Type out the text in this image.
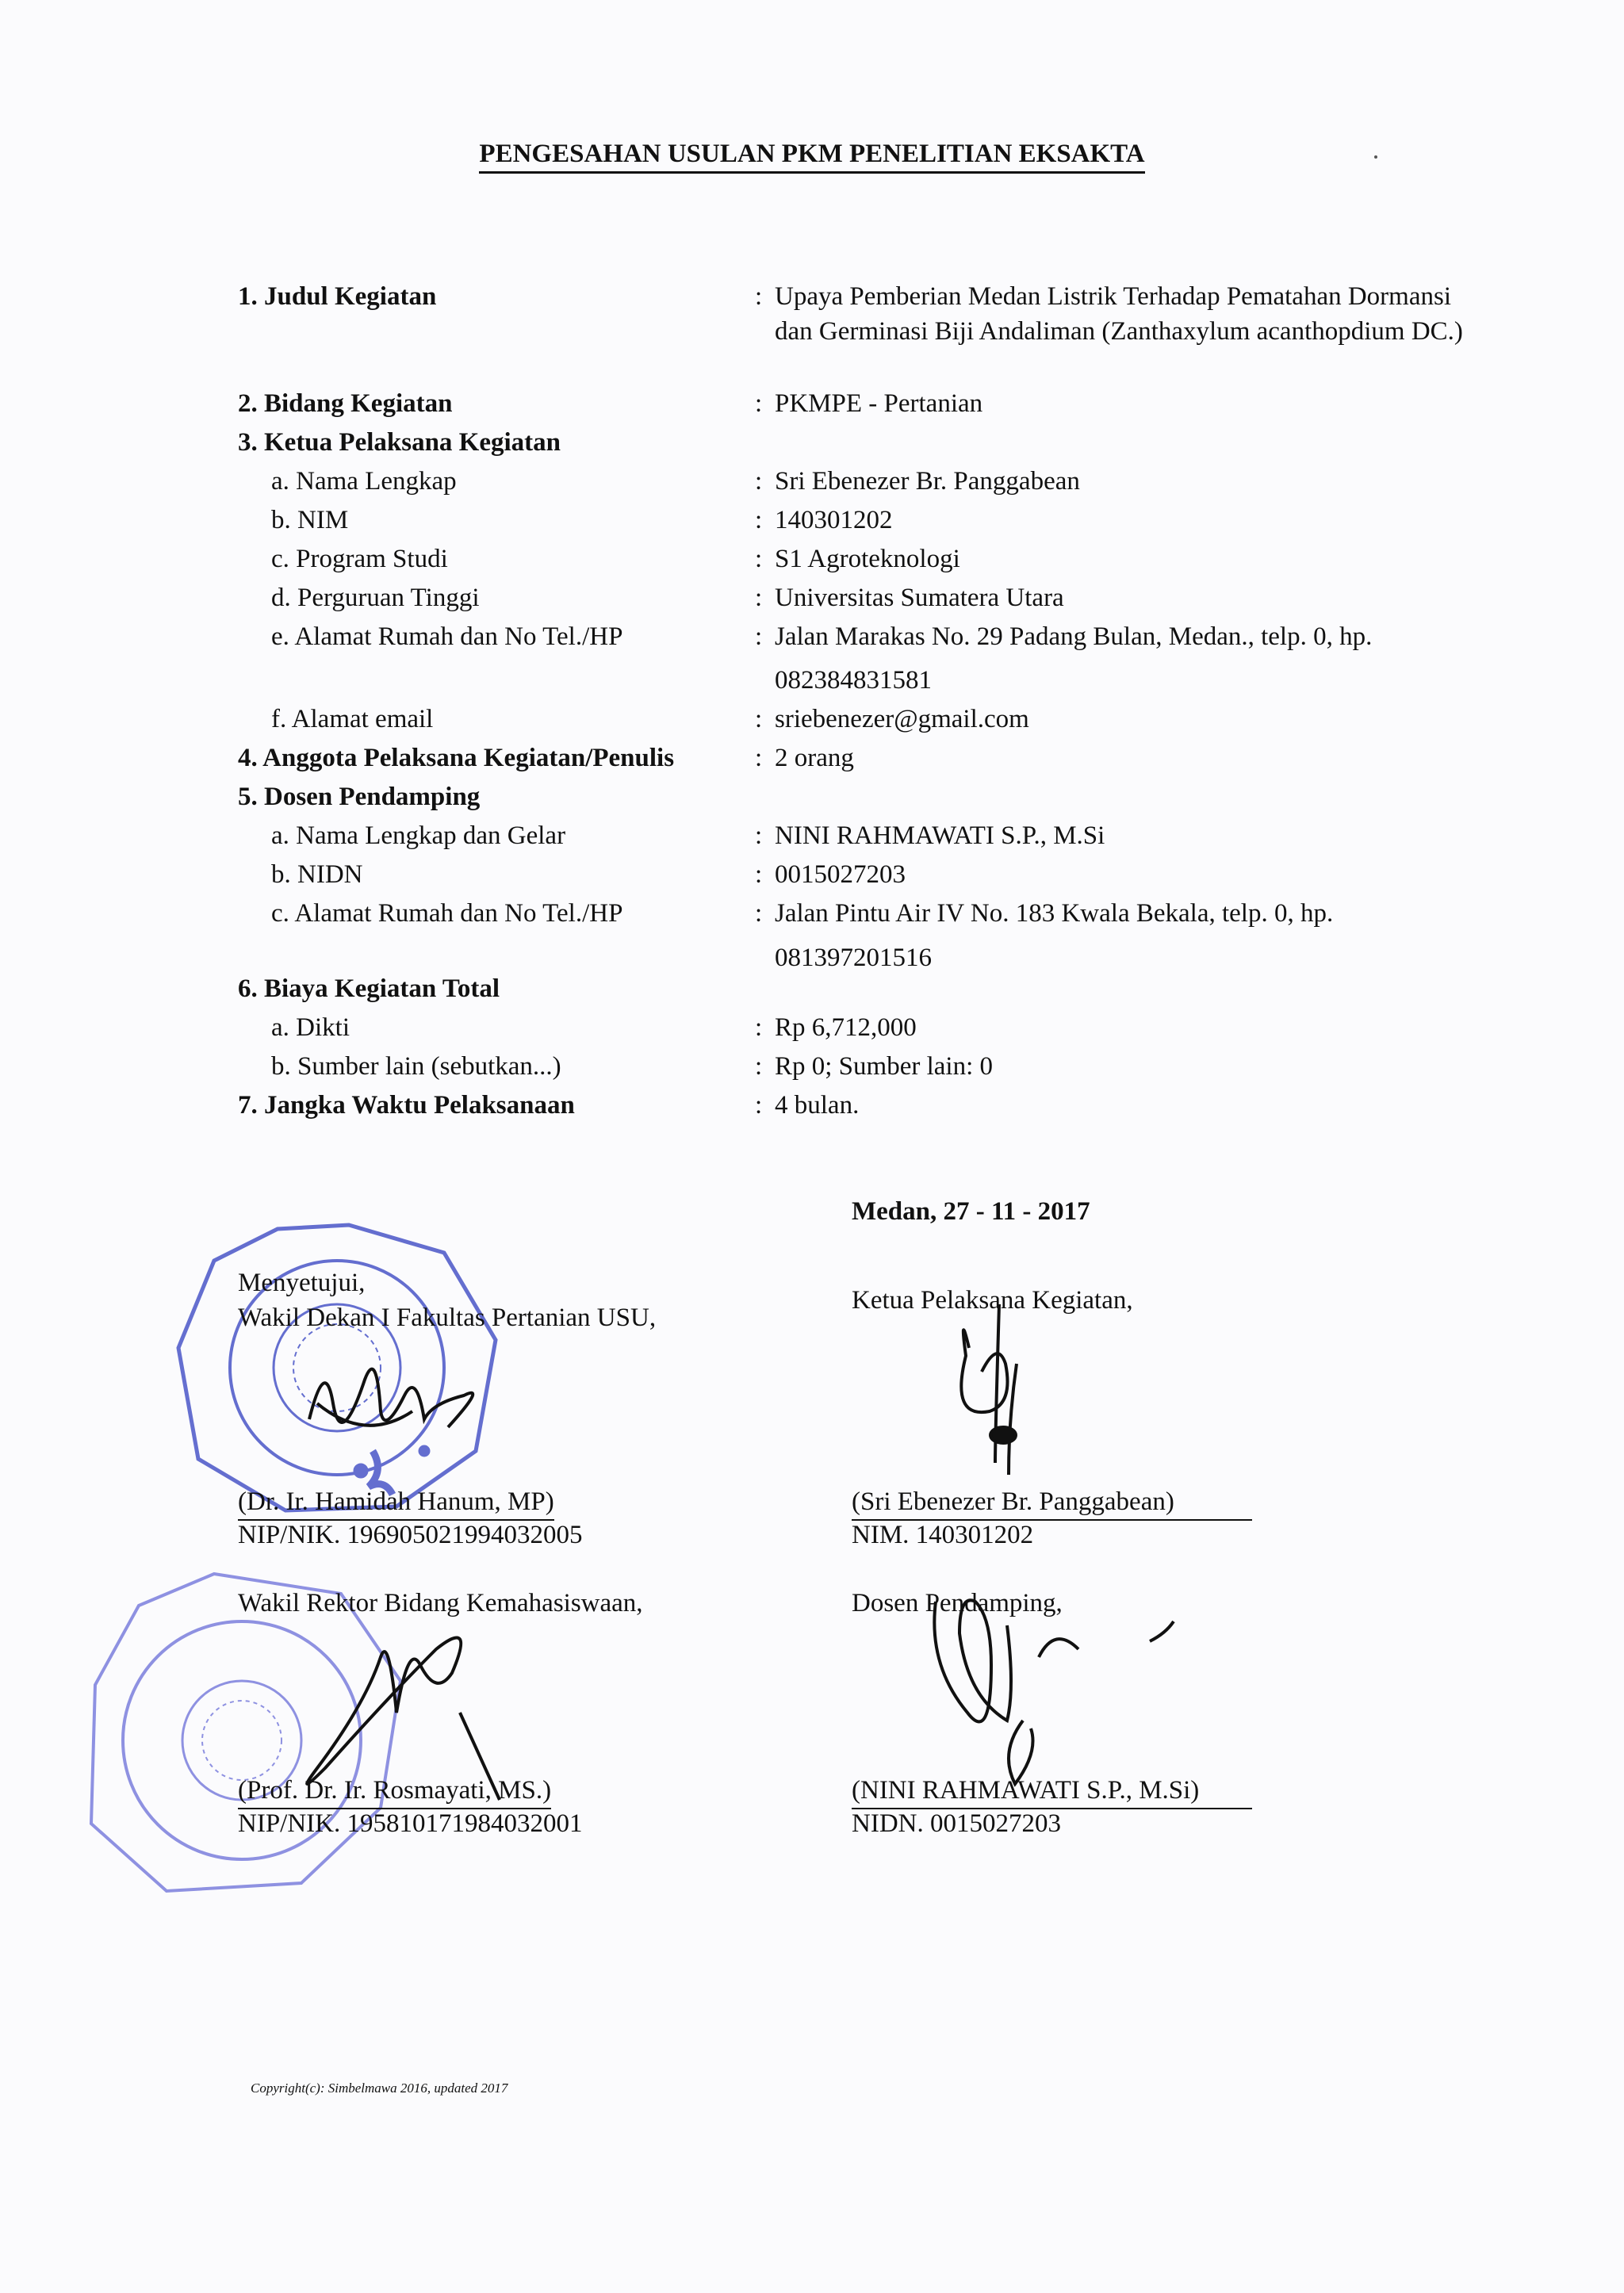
PENGESAHAN USULAN PKM PENELITIAN EKSAKTA
1. Judul Kegiatan	: Upaya Pemberian Medan Listrik Terhadap Pematahan Dormansi dan Germinasi Biji Andaliman (Zanthaxylum acanthopdium DC.)
2. Bidang Kegiatan	: PKMPE - Pertanian
3. Ketua Pelaksana Kegiatan
a. Nama Lengkap	: Sri Ebenezer Br. Panggabean
b. NIM	: 140301202
c. Program Studi	: S1 Agroteknologi
d. Perguruan Tinggi	: Universitas Sumatera Utara
e. Alamat Rumah dan No Tel./HP	: Jalan Marakas No. 29 Padang Bulan, Medan., telp. 0, hp.
082384831581
f. Alamat email	: sriebenezer@gmail.com
4. Anggota Pelaksana Kegiatan/Penulis	: 2 orang
5. Dosen Pendamping
a. Nama Lengkap dan Gelar	: NINI RAHMAWATI S.P., M.Si
b. NIDN	: 0015027203
c. Alamat Rumah dan No Tel./HP	: Jalan Pintu Air IV No. 183 Kwala Bekala, telp. 0, hp.
081397201516
6. Biaya Kegiatan Total
a. Dikti	: Rp 6,712,000
b. Sumber lain (sebutkan...)	: Rp 0; Sumber lain: 0
7. Jangka Waktu Pelaksanaan	: 4 bulan.
Medan, 27 - 11 - 2017
Menyetujui,
Wakil Dekan I Fakultas Pertanian USU,
(Dr. Ir. Hamidah Hanum, MP)
NIP/NIK. 196905021994032005
Ketua Pelaksana Kegiatan,
(Sri Ebenezer Br. Panggabean)
NIM. 140301202
Wakil Rektor Bidang Kemahasiswaan,
(Prof. Dr. Ir. Rosmayati, MS.)
NIP/NIK. 195810171984032001
Dosen Pendamping,
(NINI RAHMAWATI S.P., M.Si)
NIDN. 0015027203
Copyright(c): Simbelmawa 2016, updated 2017
